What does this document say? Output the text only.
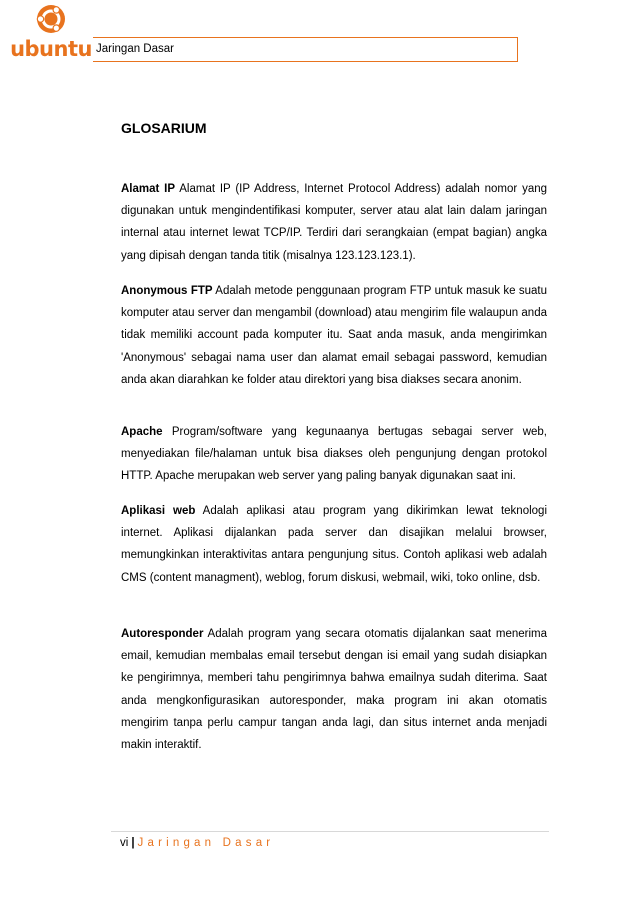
ubuntu Jaringan Dasar
GLOSARIUM

Alamat IP Alamat IP (IP Address, Internet Protocol Address) adalah nomor yang digunakan untuk mengindentifikasi komputer, server atau alat lain dalam jaringan internal atau internet lewat TCP/IP. Terdiri dari serangkaian (empat bagian) angka yang dipisah dengan tanda titik (misalnya 123.123.123.1).

Anonymous FTP Adalah metode penggunaan program FTP untuk masuk ke suatu komputer atau server dan mengambil (download) atau mengirim file walaupun anda tidak memiliki account pada komputer itu. Saat anda masuk, anda mengirimkan 'Anonymous' sebagai nama user dan alamat email sebagai password, kemudian anda akan diarahkan ke folder atau direktori yang bisa diakses secara anonim.

Apache Program/software yang kegunaanya bertugas sebagai server web, menyediakan file/halaman untuk bisa diakses oleh pengunjung dengan protokol HTTP. Apache merupakan web server yang paling banyak digunakan saat ini.

Aplikasi web Adalah aplikasi atau program yang dikirimkan lewat teknologi internet. Aplikasi dijalankan pada server dan disajikan melalui browser, memungkinkan interaktivitas antara pengunjung situs. Contoh aplikasi web adalah CMS (content managment), weblog, forum diskusi, webmail, wiki, toko online, dsb.

Autoresponder Adalah program yang secara otomatis dijalankan saat menerima email, kemudian membalas email tersebut dengan isi email yang sudah disiapkan ke pengirimnya, memberi tahu pengirimnya bahwa emailnya sudah diterima. Saat anda mengkonfigurasikan autoresponder, maka program ini akan otomatis mengirim tanpa perlu campur tangan anda lagi, dan situs internet anda menjadi makin interaktif.

vi | Jaringan Dasar
